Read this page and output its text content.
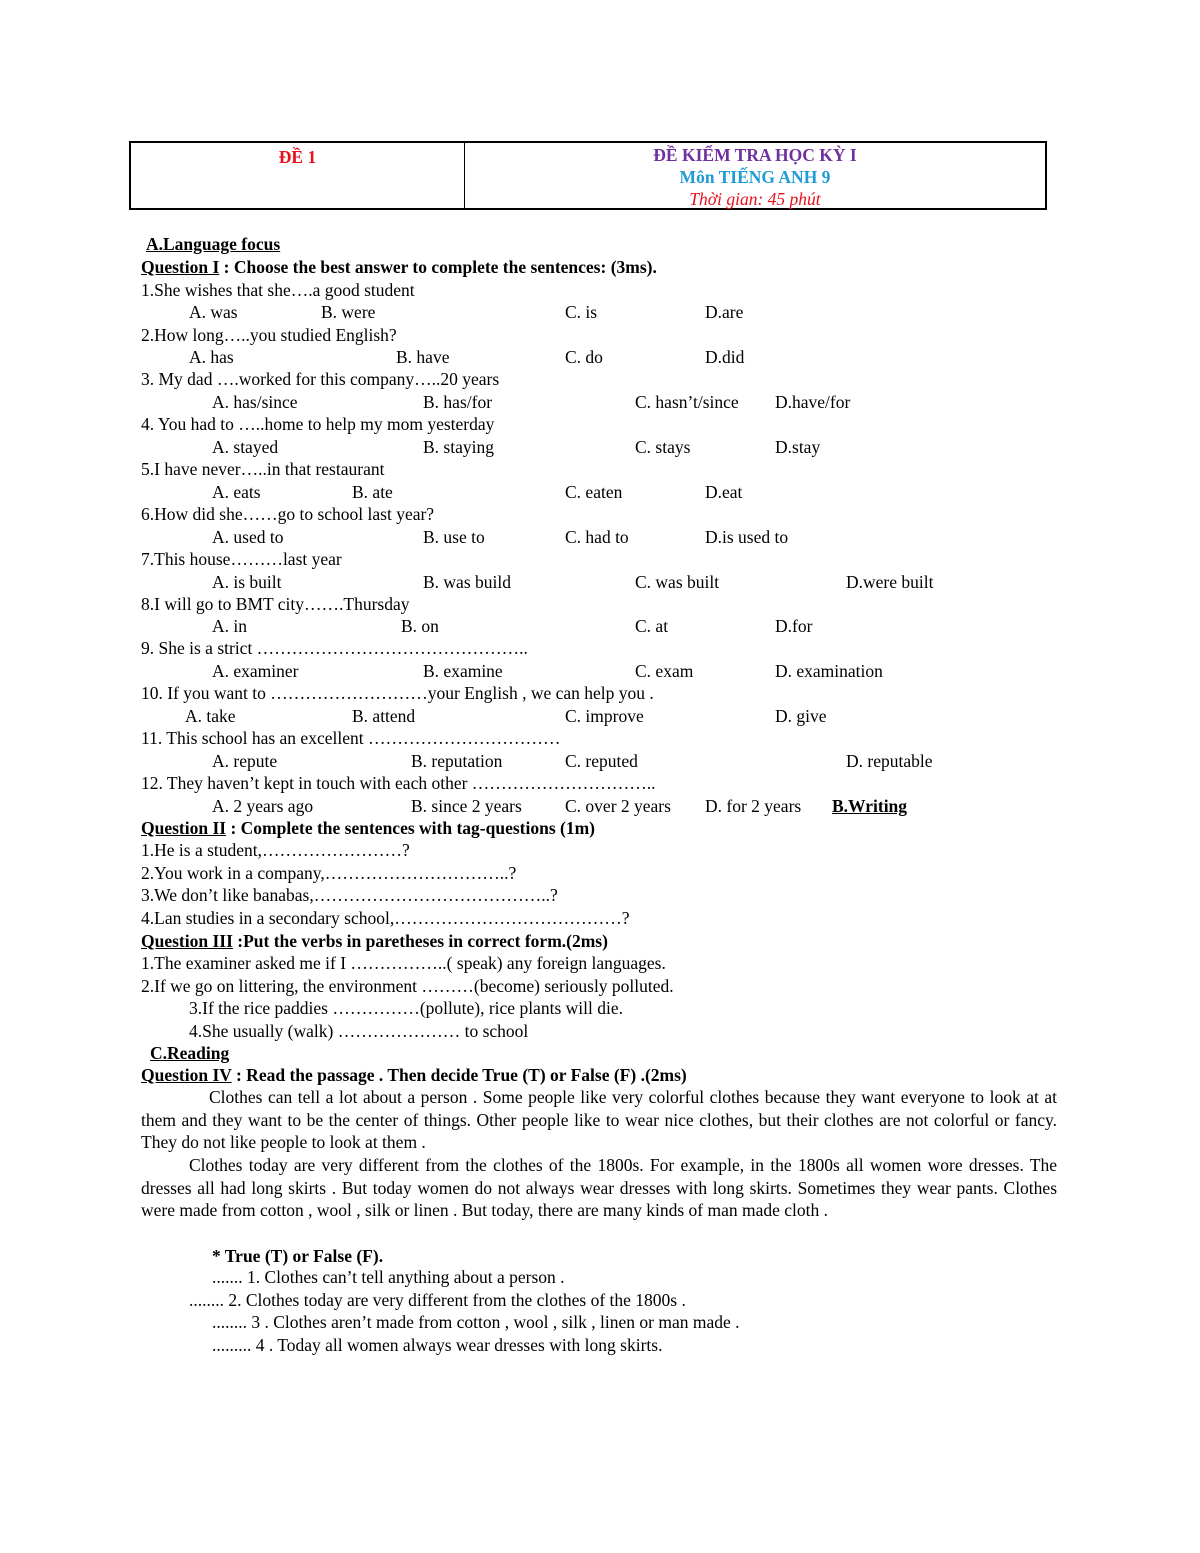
ĐỀ 1	ĐỀ KIỂM TRA HỌC KỲ I
Môn TIẾNG ANH 9
Thời gian: 45 phút
A.Language focus
Question I : Choose the best answer to complete the sentences: (3ms).
1.She wishes that she….a good student
A. was	B. were	C. is	D.are
2.How long…..you studied English?
A. has	B. have	C. do	D.did
3. My dad ….worked for this company…..20 years
A. has/since	B. has/for	C. hasn’t/since D.have/for
4. You had to …..home to help my mom yesterday
A. stayed	B. staying	C. stays	D.stay
5.I have never…..in that restaurant
A. eats	B. ate	C. eaten	D.eat
6.How did she……go to school last year?
A. used to	B. use to	C. had to	D.is used to
7.This house………last year
A. is built	B. was build	C. was built	D.were built
8.I will go to BMT city…….Thursday
A. in	B. on	C. at	D.for
9. She is a strict ………………………………………..
A. examiner	B. examine	C. exam	D. examination
10. If you want to ………………………your English , we can help you .
A. take	B. attend	C. improve	D. give
11. This school has an excellent ……………………………
A. repute	B. reputation	C. reputed	D. reputable
12. They haven’t kept in touch with each other …………………………..
A. 2 years ago	B. since 2 years C. over 2 years D. for 2 years B.Writing
Question II : Complete the sentences with tag-questions (1m)
1.He is a student,……………………?
2.You work in a company,…………………………..?
3.We don’t like banabas,…………………………………..?
4.Lan studies in a secondary school,…………………………………?
Question III :Put the verbs in paretheses in correct form.(2ms)
1.The examiner asked me if I ……………..( speak) any foreign languages.
2.If we go on littering, the environment ………(become) seriously polluted.
3.If the rice paddies ……………(pollute), rice plants will die.
4.She usually (walk) ………………… to school
C.Reading
Question IV : Read the passage . Then decide True (T) or False (F) .(2ms)
Clothes can tell a lot about a person . Some people like very colorful clothes because they want everyone to look at at them and they want to be the center of things. Other people like to wear nice clothes, but their clothes are not colorful or fancy. They do not like people to look at them .
Clothes today are very different from the clothes of the 1800s. For example, in the 1800s all women wore dresses. The dresses all had long skirts . But today women do not always wear dresses with long skirts. Sometimes they wear pants. Clothes were made from cotton , wool , silk or linen . But today, there are many kinds of man made cloth .
* True (T) or False (F).
....... 1. Clothes can’t tell anything about a person .
........ 2. Clothes today are very different from the clothes of the 1800s .
........ 3 . Clothes aren’t made from cotton , wool , silk , linen or man made .
......... 4 . Today all women always wear dresses with long skirts.
